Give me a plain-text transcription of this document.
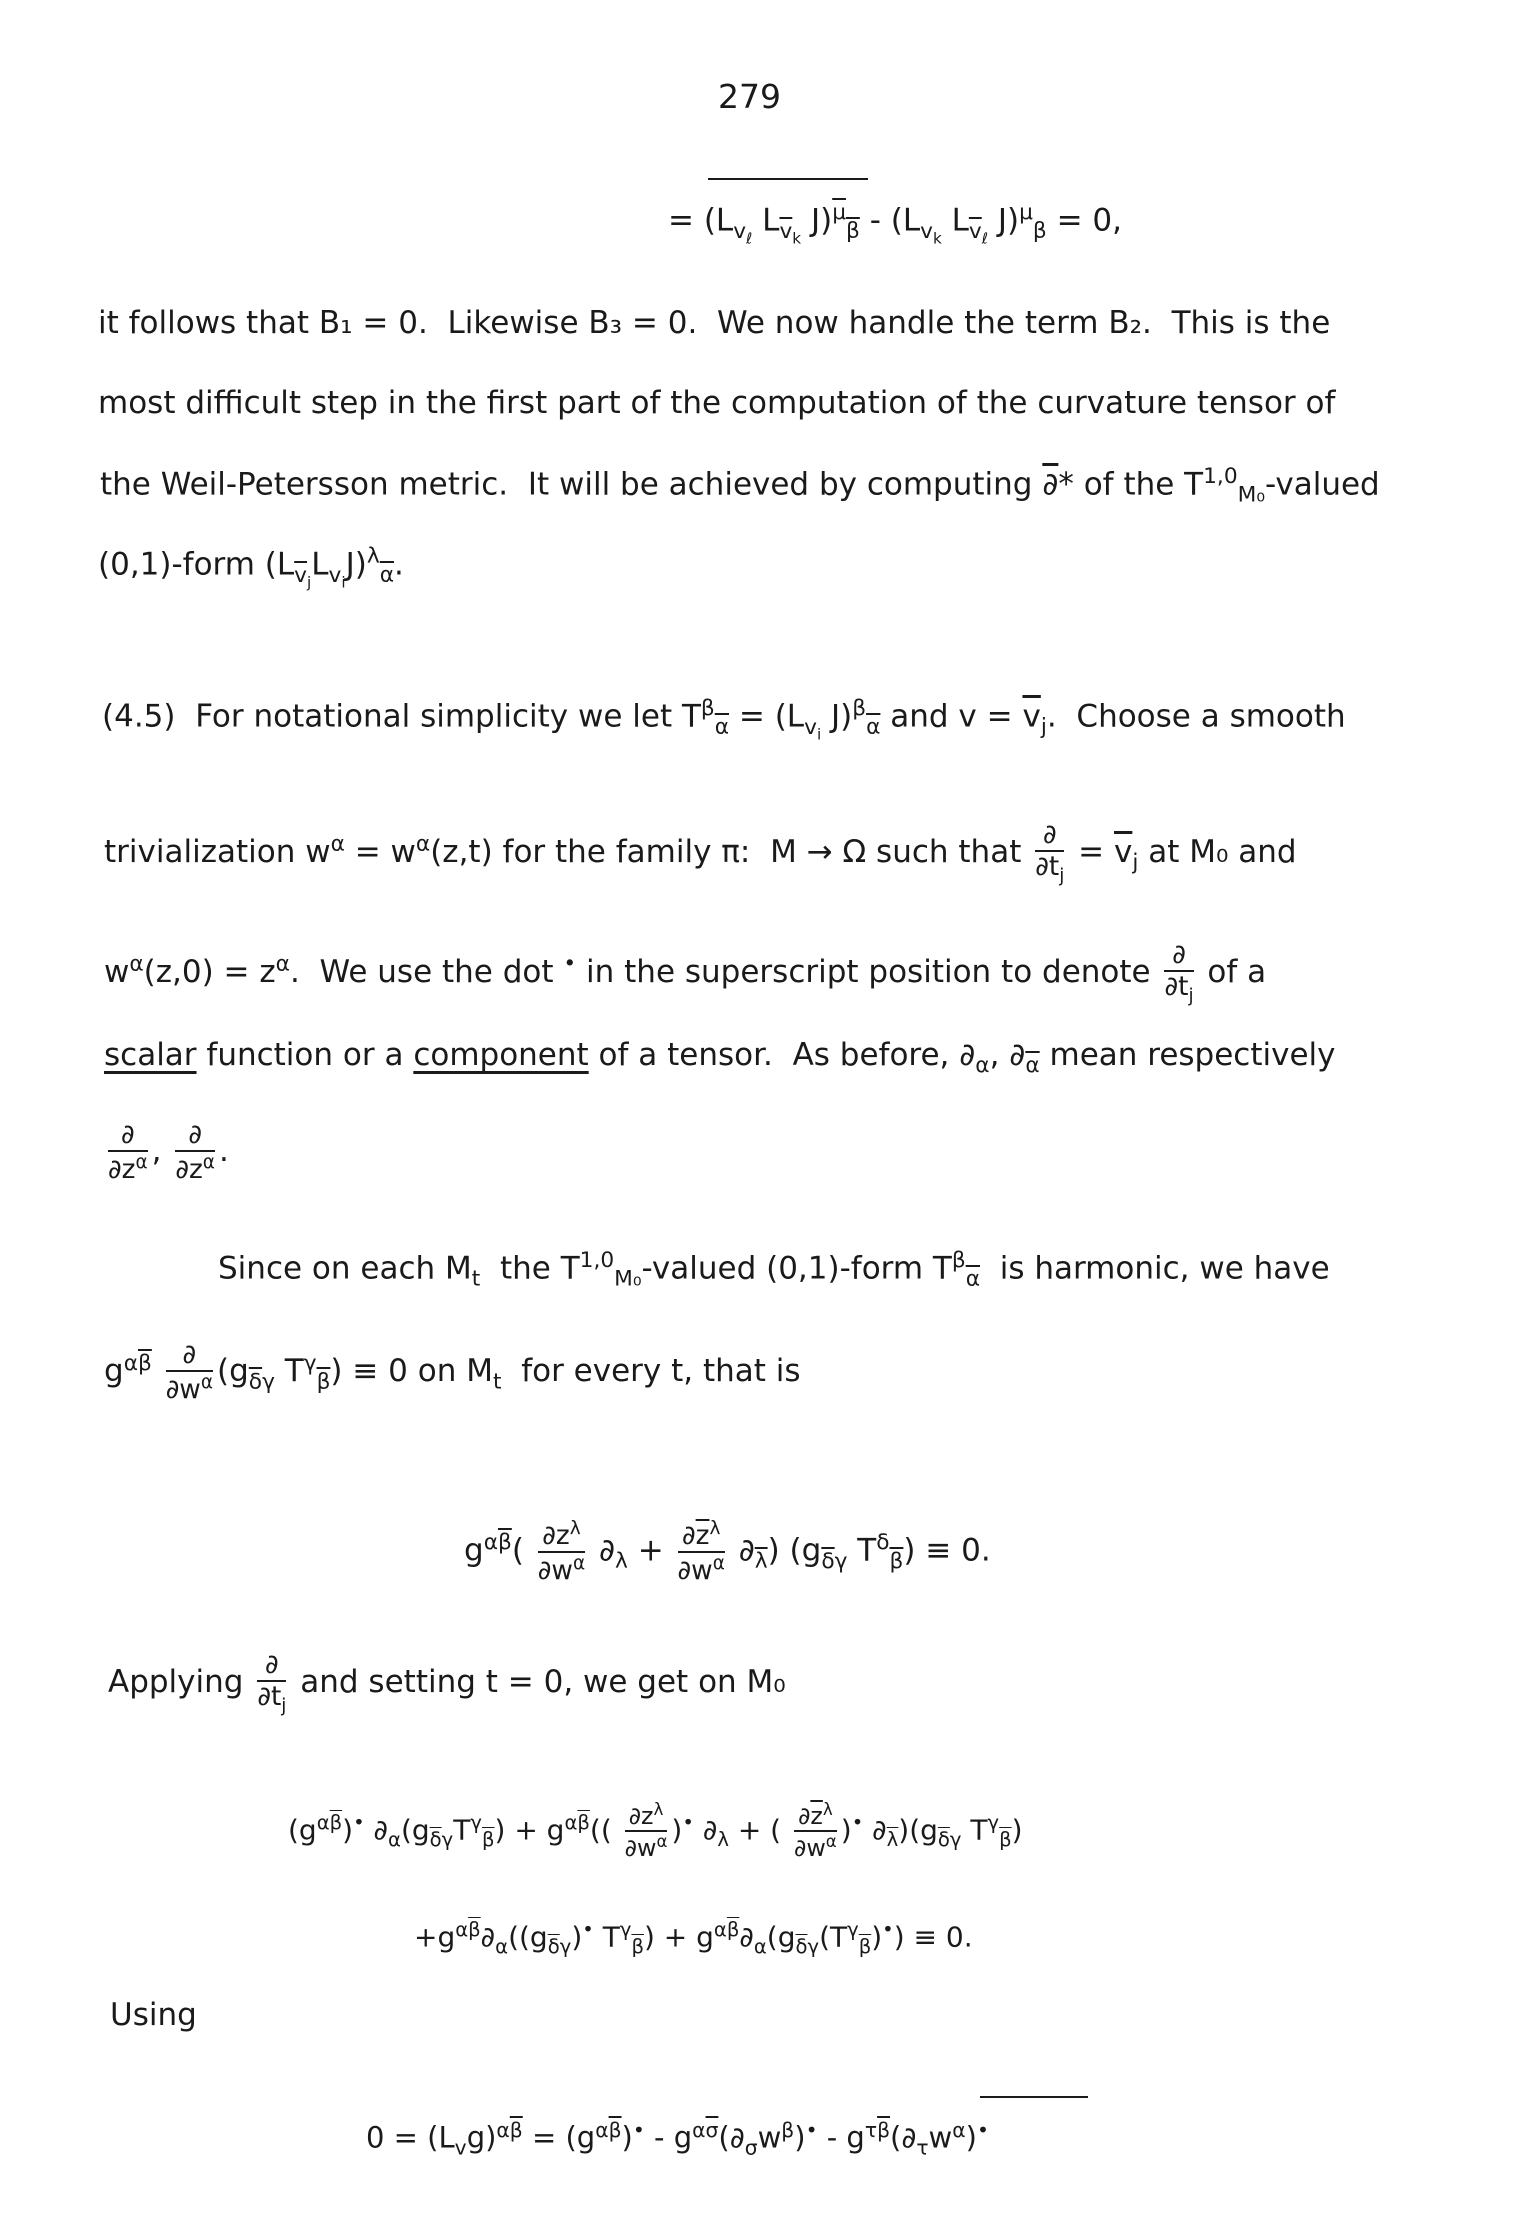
279
= ($L_{v_\ell}$ $L_{\overline{v}_k}$ $J)^{\overline{\mu}}_{\overline{\beta}} - (L_{v_k}$ $L_{\overline{v}_\ell}$ J)$^\mu_\beta$ = 0,
it follows that B₁ = 0.  Likewise B₃ = 0.  We now handle the term B₂.  This is the
most difficult step in the first part of the computation of the curvature tensor of
the Weil-Petersson metric.  It will be achieved by computing ∂* of the T$^{1,0}_{M_0}$-valued
(0,1)-form $(L_{\overline{v}_j}L_{v_i}J)^\lambda_{\overline{\alpha}}$.
(4.5)  For notational simplicity we let $T^\beta_{\overline{\alpha}} = (L_{v_i}$ J)$^\beta_{\overline{\alpha}}$ and $v = \overline{v}_j$.  Choose a smooth
trivialization $w^\alpha = w^\alpha(z,t)$ for the family π:  M → Ω such that $\frac{\partial}{\partial\overline{t}_j} = \overline{v}_j$ at M₀ and
$w^\alpha(z,0) = z^\alpha$.  We use the dot • in the superscript position to denote $\frac{\partial}{\partial\overline{t}_j}$ of a
scalar function or a component of a tensor.  As before, $\partial_\alpha$, $\partial_{\overline{\alpha}}$ mean respectively
$\frac{\partial}{\partial z^\alpha}$ , $\frac{\partial}{\partial z^{\overline{\alpha}}}$ .
Since on each $M_t$  the T$^{1,0}_{M_0}$-valued (0,1)-form $T^\beta_{\overline{\alpha}}$  is harmonic, we have
$g^{\alpha\overline{\beta}} \frac{\partial}{\partial w^\alpha} (g_{\overline{\delta}\gamma}$ $T^\gamma_{\overline{\beta}}) \equiv 0$ on $M_t$  for every t, that is
$g^{\alpha\overline{\beta}}( \frac{\partial z^\lambda}{\partial w^\alpha} \partial_\lambda + \frac{\partial\overline{z}^\lambda}{\partial w^\alpha} \partial_{\overline{\lambda}})$ ($g_{\overline{\delta}\gamma}$ $T^\delta_{\overline{\beta}}) \equiv 0$.
Applying $\frac{\partial}{\partial\overline{t}_j}$ and setting t = 0, we get on M₀
$(g^{\alpha\overline{\beta}})^•$ $\partial_\alpha(g_{\overline{\delta}\gamma}T^\gamma_{\overline{\beta}}) + g^{\alpha\overline{\beta}}(( \frac{\partial z^\lambda}{\partial w^\alpha} )^•$ $\partial_\lambda$ + ( $\frac{\partial\overline{z}^\lambda}{\partial w^\alpha} )^•$ $\partial_{\overline{\lambda}})(g_{\overline{\delta}\gamma}$ $T^\gamma_{\overline{\beta}}$)
$+g^{\alpha\overline{\beta}}\partial_\alpha((g_{\overline{\delta}\gamma})^•$ $T^\gamma_{\overline{\beta}}) + g^{\alpha\overline{\beta}}\partial_\alpha(g_{\overline{\delta}\gamma}(T^\gamma_{\overline{\beta}})^•) \equiv 0$.
Using
$0 = (L_vg)^{\alpha\overline{\beta}} = (g^{\alpha\overline{\beta}})^• - g^{\alpha\overline{\sigma}}(\partial_\sigma w^\beta)^• - g^{\tau\overline{\beta}}(\partial_\tau w^\alpha)^•$
